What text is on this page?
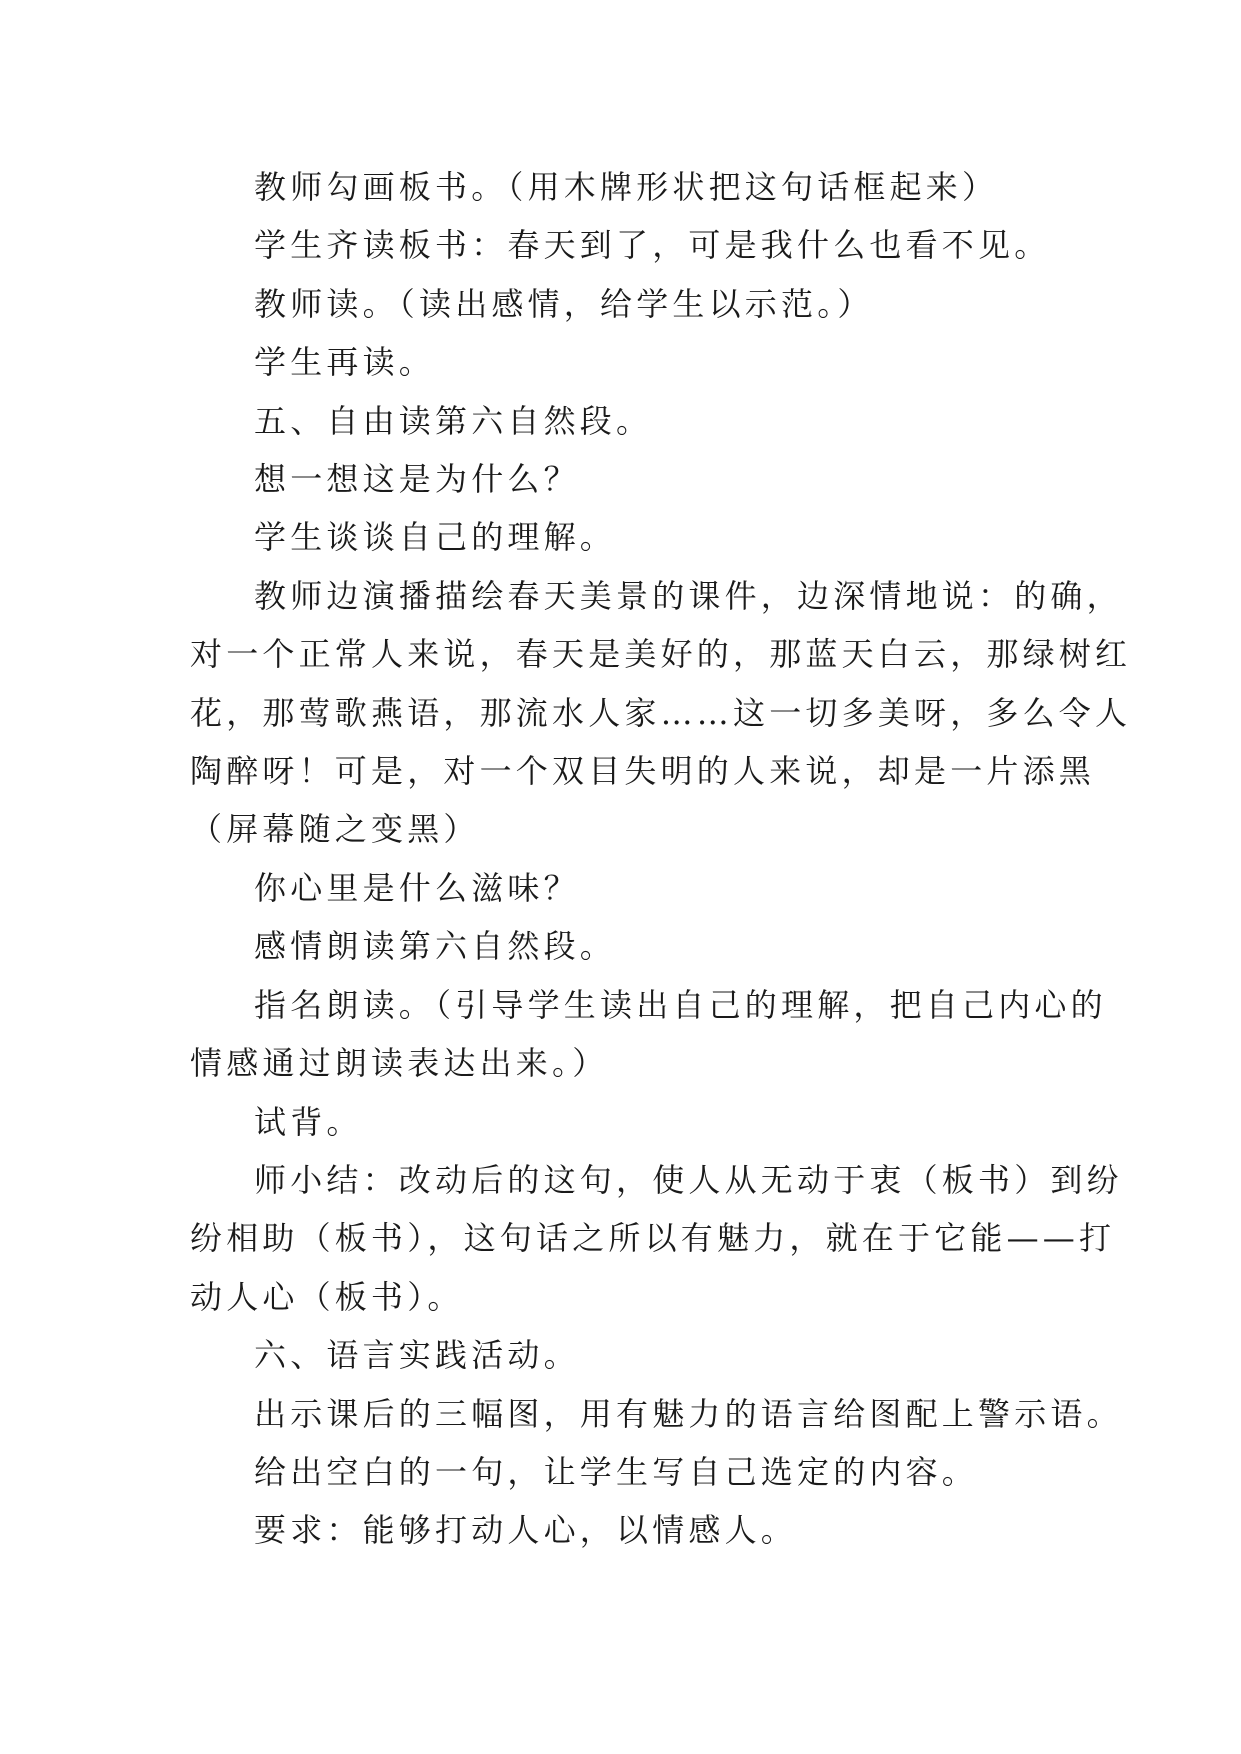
教师勾画板书。（用木牌形状把这句话框起来）

学生齐读板书：春天到了，可是我什么也看不见。

教师读。（读出感情，给学生以示范。）

学生再读。

五、自由读第六自然段。

想一想这是为什么？

学生谈谈自己的理解。

教师边演播描绘春天美景的课件，边深情地说：的确，
对一个正常人来说，春天是美好的，那蓝天白云，那绿树红
花，那莺歌燕语，那流水人家……这一切多美呀，多么令人
陶醉呀！可是，对一个双目失明的人来说，却是一片添黑
（屏幕随之变黑）

你心里是什么滋味？

感情朗读第六自然段。

指名朗读。（引导学生读出自己的理解，把自己内心的
情感通过朗读表达出来。）

试背。

师小结：改动后的这句，使人从无动于衷（板书）到纷
纷相助（板书），这句话之所以有魅力，就在于它能——打
动人心（板书）。

六、语言实践活动。

出示课后的三幅图，用有魅力的语言给图配上警示语。

给出空白的一句，让学生写自己选定的内容。

要求：能够打动人心，以情感人。
